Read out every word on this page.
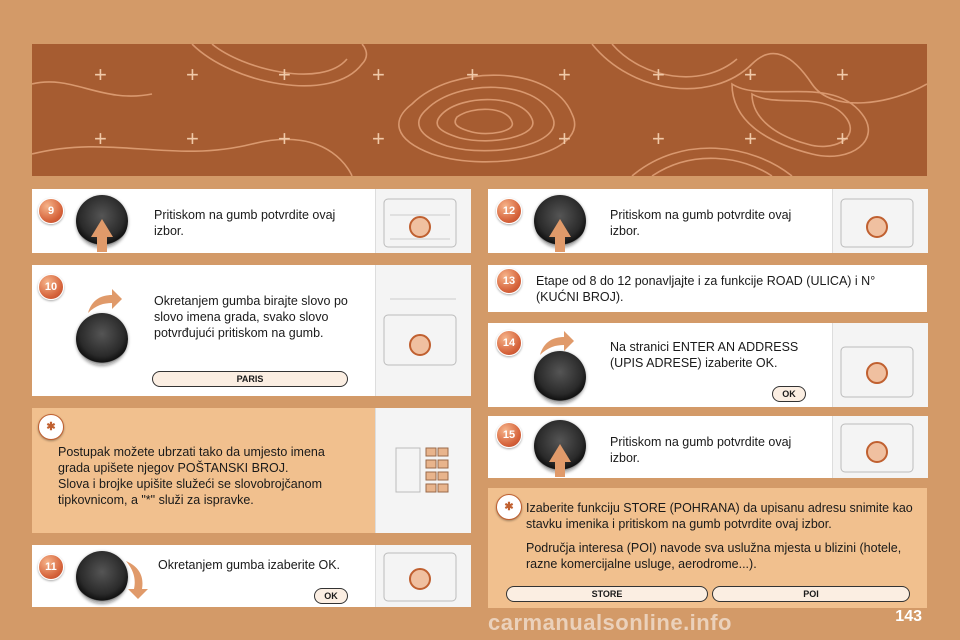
+	+	+	+	+	+	+	+	+
+	+	+	+	+	+	+	+
Pritiskom na gumb potvrdite ovaj izbor.
9
Okretanjem gumba birajte slovo po slovo imena grada, svako slovo potvrđujući pritiskom na gumb.
PARIS
10
Postupak možete ubrzati tako da umjesto imena grada upišete njegov POŠTANSKI BROJ.
Slova i brojke upišite služeći se slovobrojčanom tipkovnicom, a "*" služi za ispravke.
✱
Okretanjem gumba izaberite OK.
OK
11
Pritiskom na gumb potvrdite ovaj izbor.
12
Etape od 8 do 12 ponavljajte i za funkcije ROAD (ULICA) i N° (KUĆNI BROJ).
13
Na stranici ENTER AN ADDRESS (UPIS ADRESE) izaberite OK.
OK
14
Pritiskom na gumb potvrdite ovaj izbor.
15
Izaberite funkciju STORE (POHRANA) da upisanu adresu snimite kao stavku imenika i pritiskom na gumb potvrdite ovaj izbor.
Područja interesa (POI) navode sva uslužna mjesta u blizini (hotele, razne komercijalne usluge, aerodrome...).
STORE	POI
✱
143
carmanualsonline.info
